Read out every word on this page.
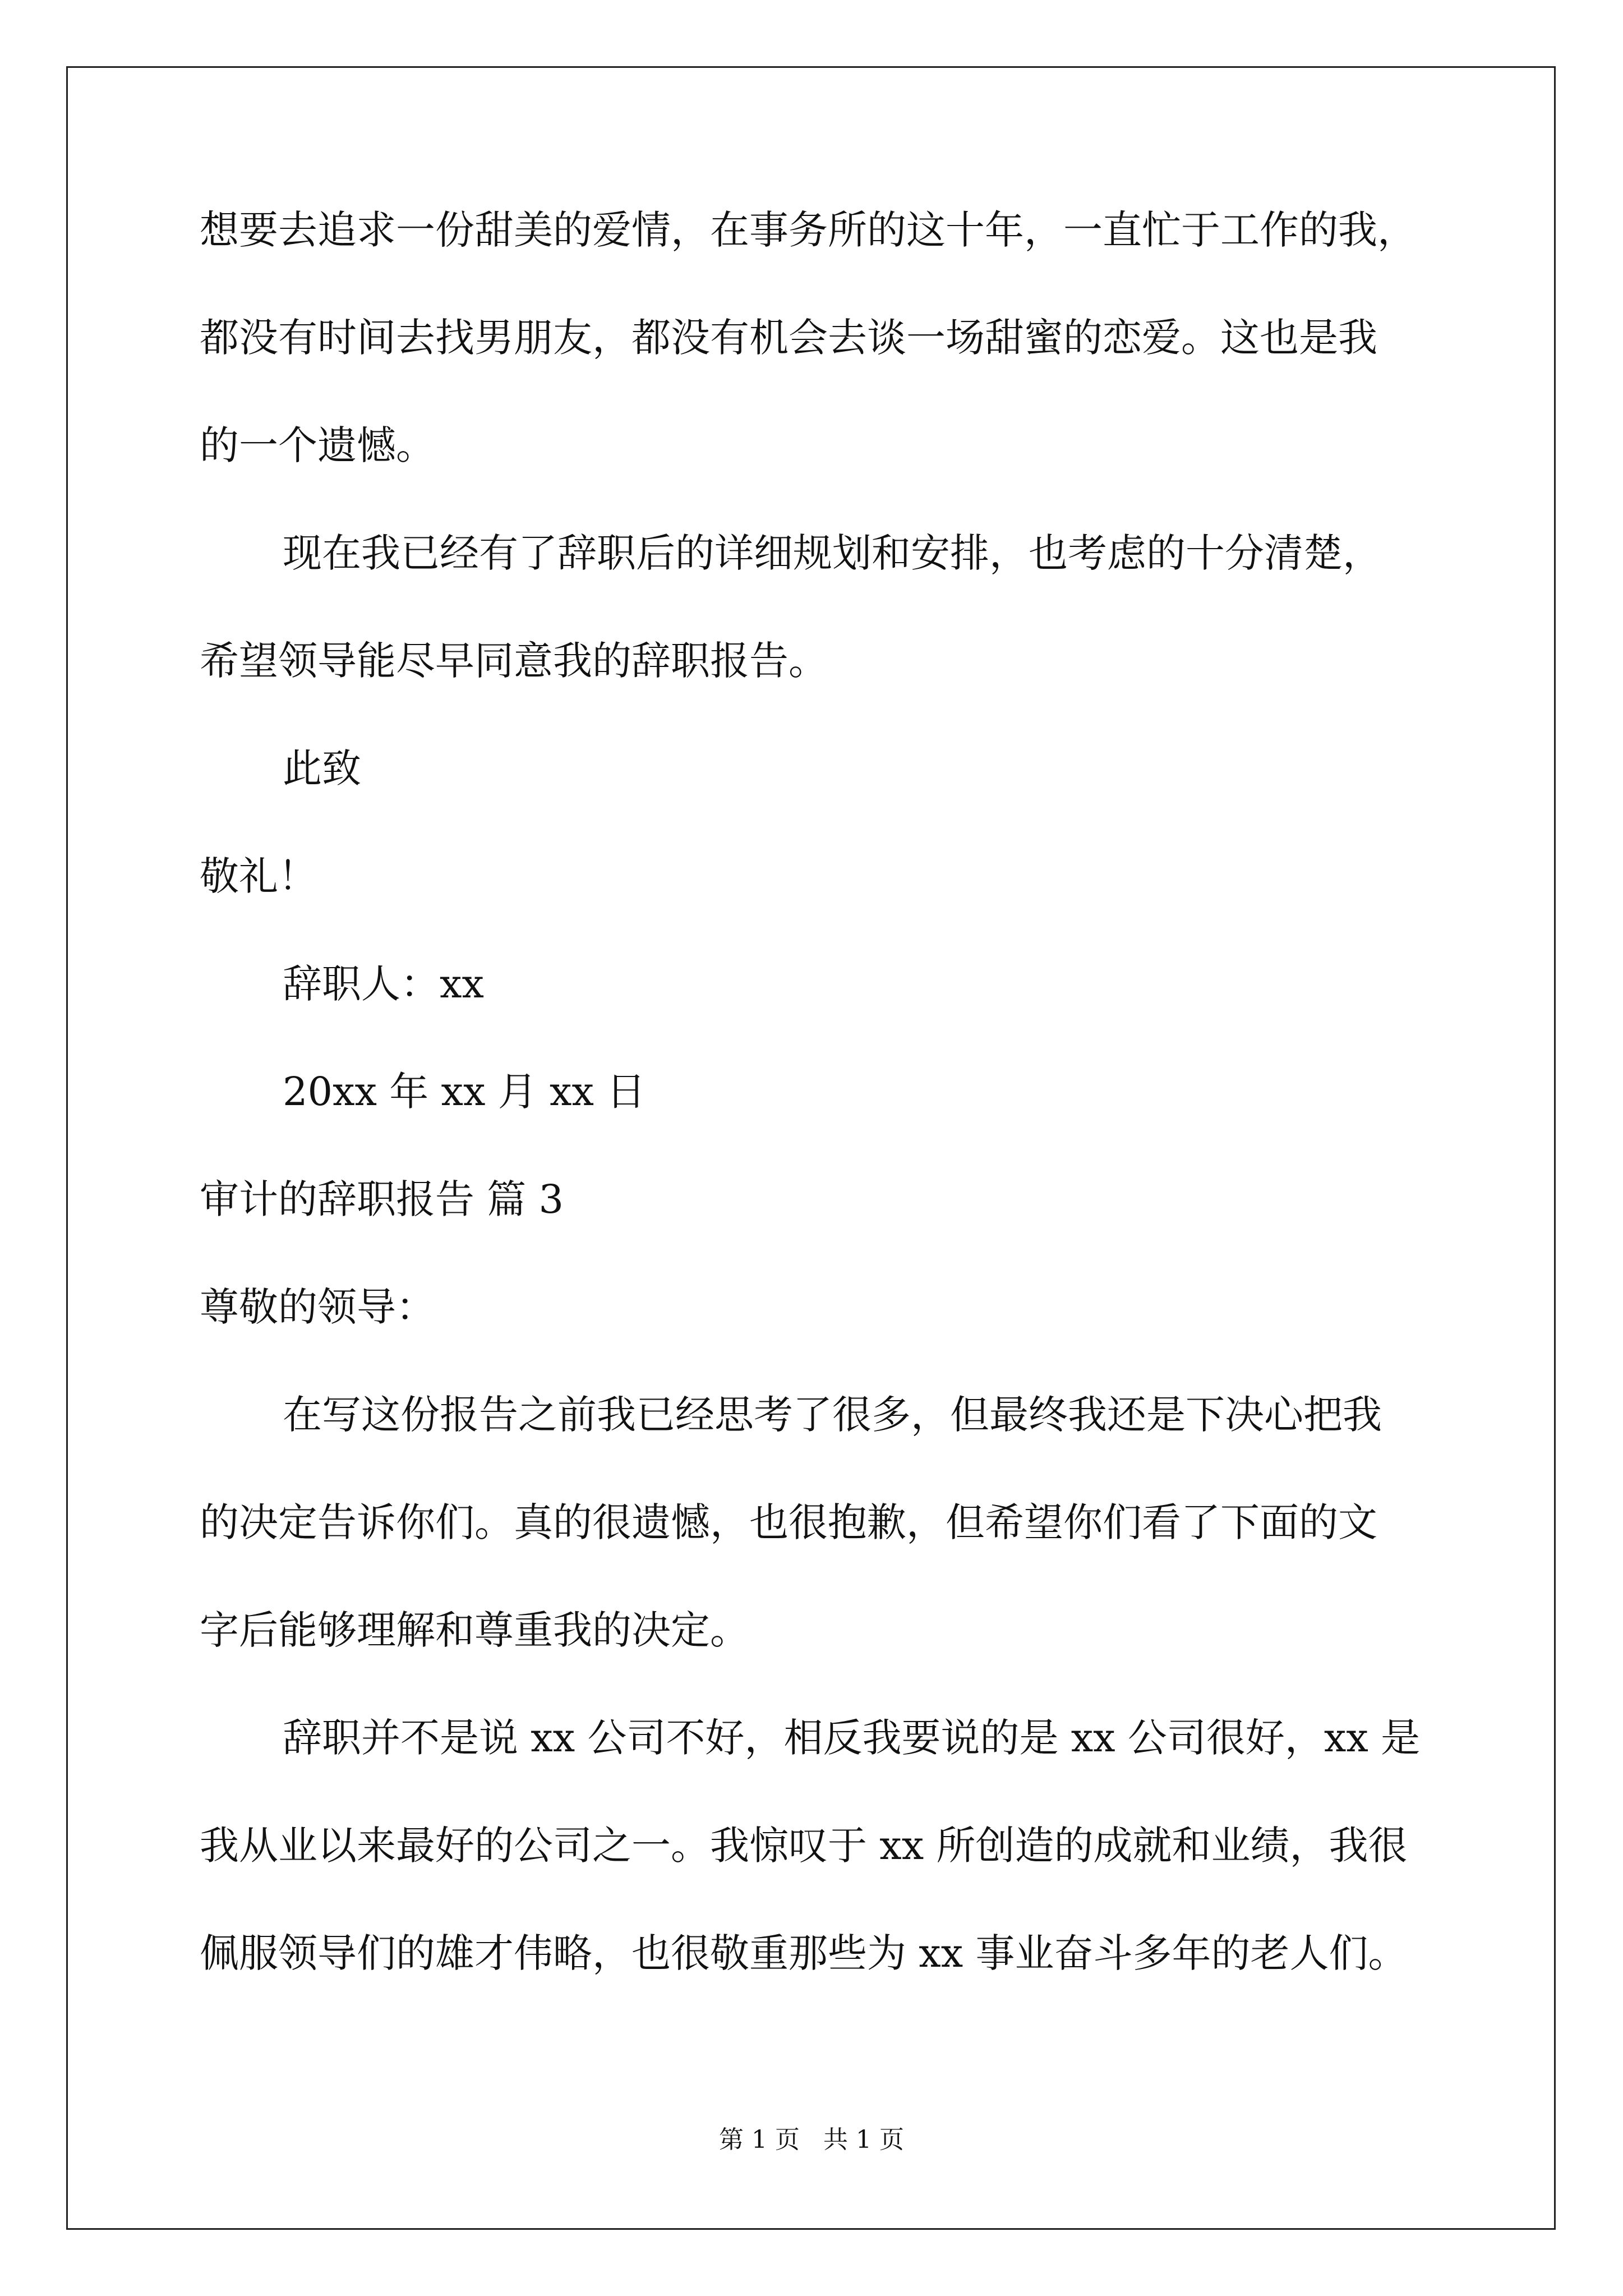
想要去追求一份甜美的爱情，在事务所的这十年，一直忙于工作的我，
都没有时间去找男朋友，都没有机会去谈一场甜蜜的恋爱。这也是我
的一个遗憾。
现在我已经有了辞职后的详细规划和安排，也考虑的十分清楚，
希望领导能尽早同意我的辞职报告。
此致
敬礼！
辞职人：xx
20xx 年 xx 月 xx 日
审计的辞职报告 篇 3
尊敬的领导：
在写这份报告之前我已经思考了很多，但最终我还是下决心把我
的决定告诉你们。真的很遗憾，也很抱歉，但希望你们看了下面的文
字后能够理解和尊重我的决定。
辞职并不是说 xx 公司不好，相反我要说的是 xx 公司很好，xx 是
我从业以来最好的公司之一。我惊叹于 xx 所创造的成就和业绩，我很
佩服领导们的雄才伟略，也很敬重那些为 xx 事业奋斗多年的老人们。
第 1 页   共 1 页
